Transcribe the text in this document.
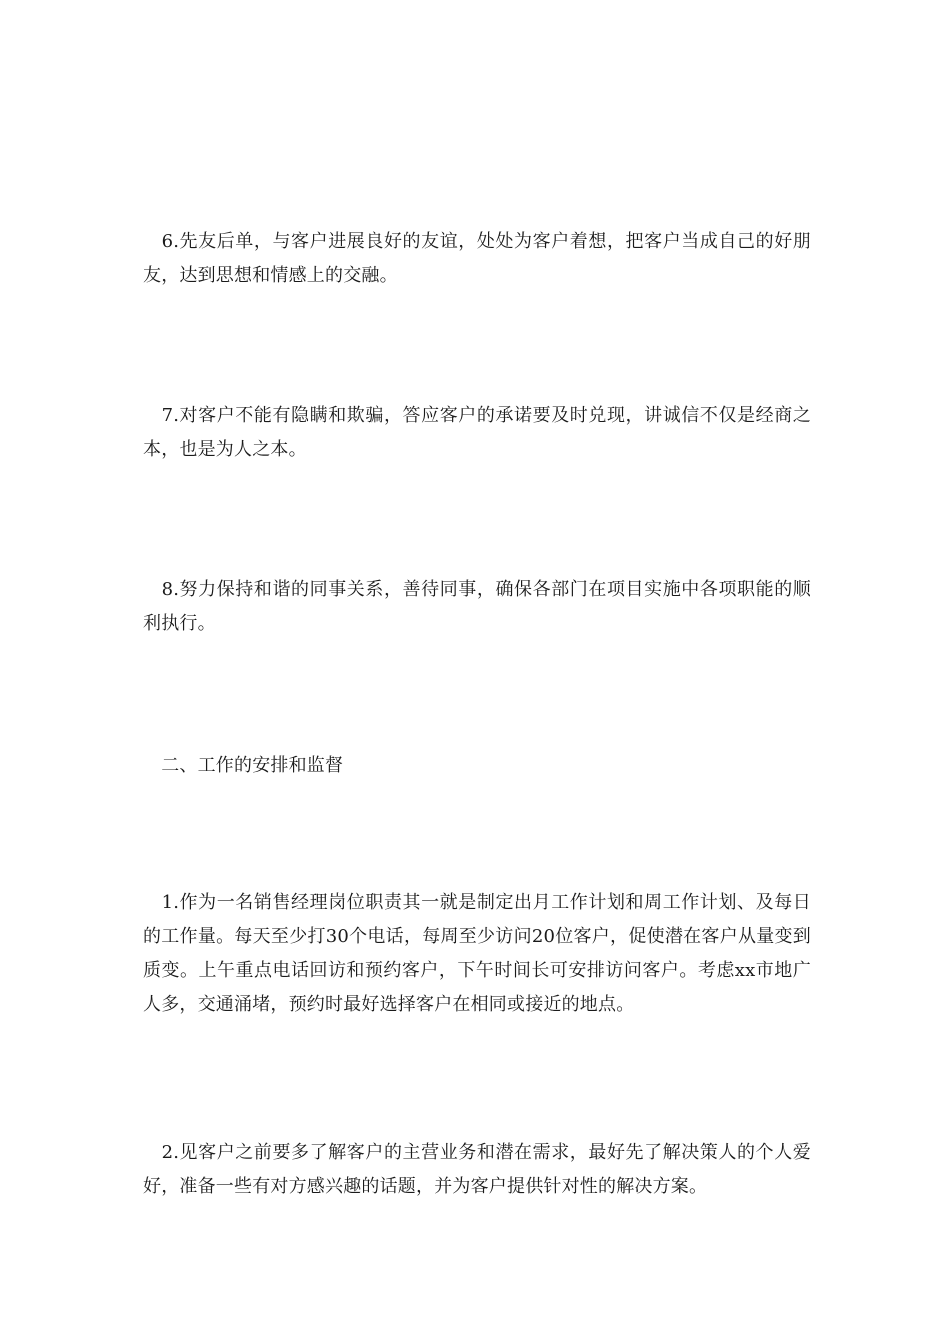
　6.先友后单，与客户进展良好的友谊，处处为客户着想，把客户当成自己的好朋友，达到思想和情感上的交融。

　7.对客户不能有隐瞒和欺骗，答应客户的承诺要及时兑现，讲诚信不仅是经商之本，也是为人之本。

　8.努力保持和谐的同事关系，善待同事，确保各部门在项目实施中各项职能的顺利执行。

　二、工作的安排和监督

　1.作为一名销售经理岗位职责其一就是制定出月工作计划和周工作计划、及每日的工作量。每天至少打30个电话，每周至少访问20位客户，促使潜在客户从量变到质变。上午重点电话回访和预约客户，下午时间长可安排访问客户。考虑xx市地广人多，交通涌堵，预约时最好选择客户在相同或接近的地点。

　2.见客户之前要多了解客户的主营业务和潜在需求，最好先了解决策人的个人爱好，准备一些有对方感兴趣的话题，并为客户提供针对性的解决方案。
